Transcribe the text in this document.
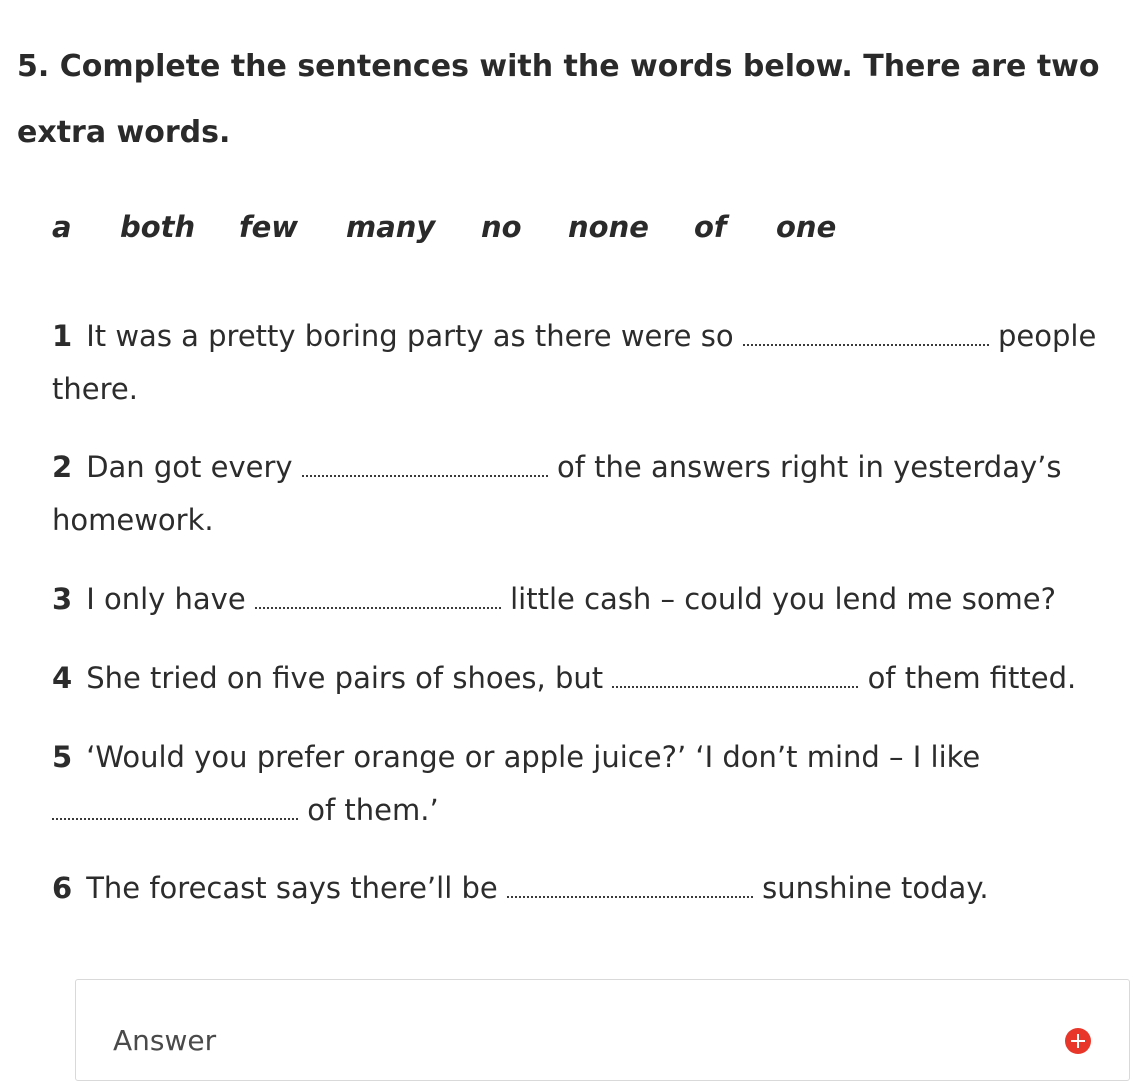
5. Complete the sentences with the words below. There are two extra words.
a both few many no none of one

1 It was a pretty boring party as there were so	people there.

2 Dan got every	of the answers right in yesterday’s homework.

3 I only have	little cash – could you lend me some?

4 She tried on five pairs of shoes, but	of them fitted.

5 ‘Would you prefer orange or apple juice?’ ‘I don’t mind – I like  of them.’

6 The forecast says there’ll be	sunshine today.

Answer
